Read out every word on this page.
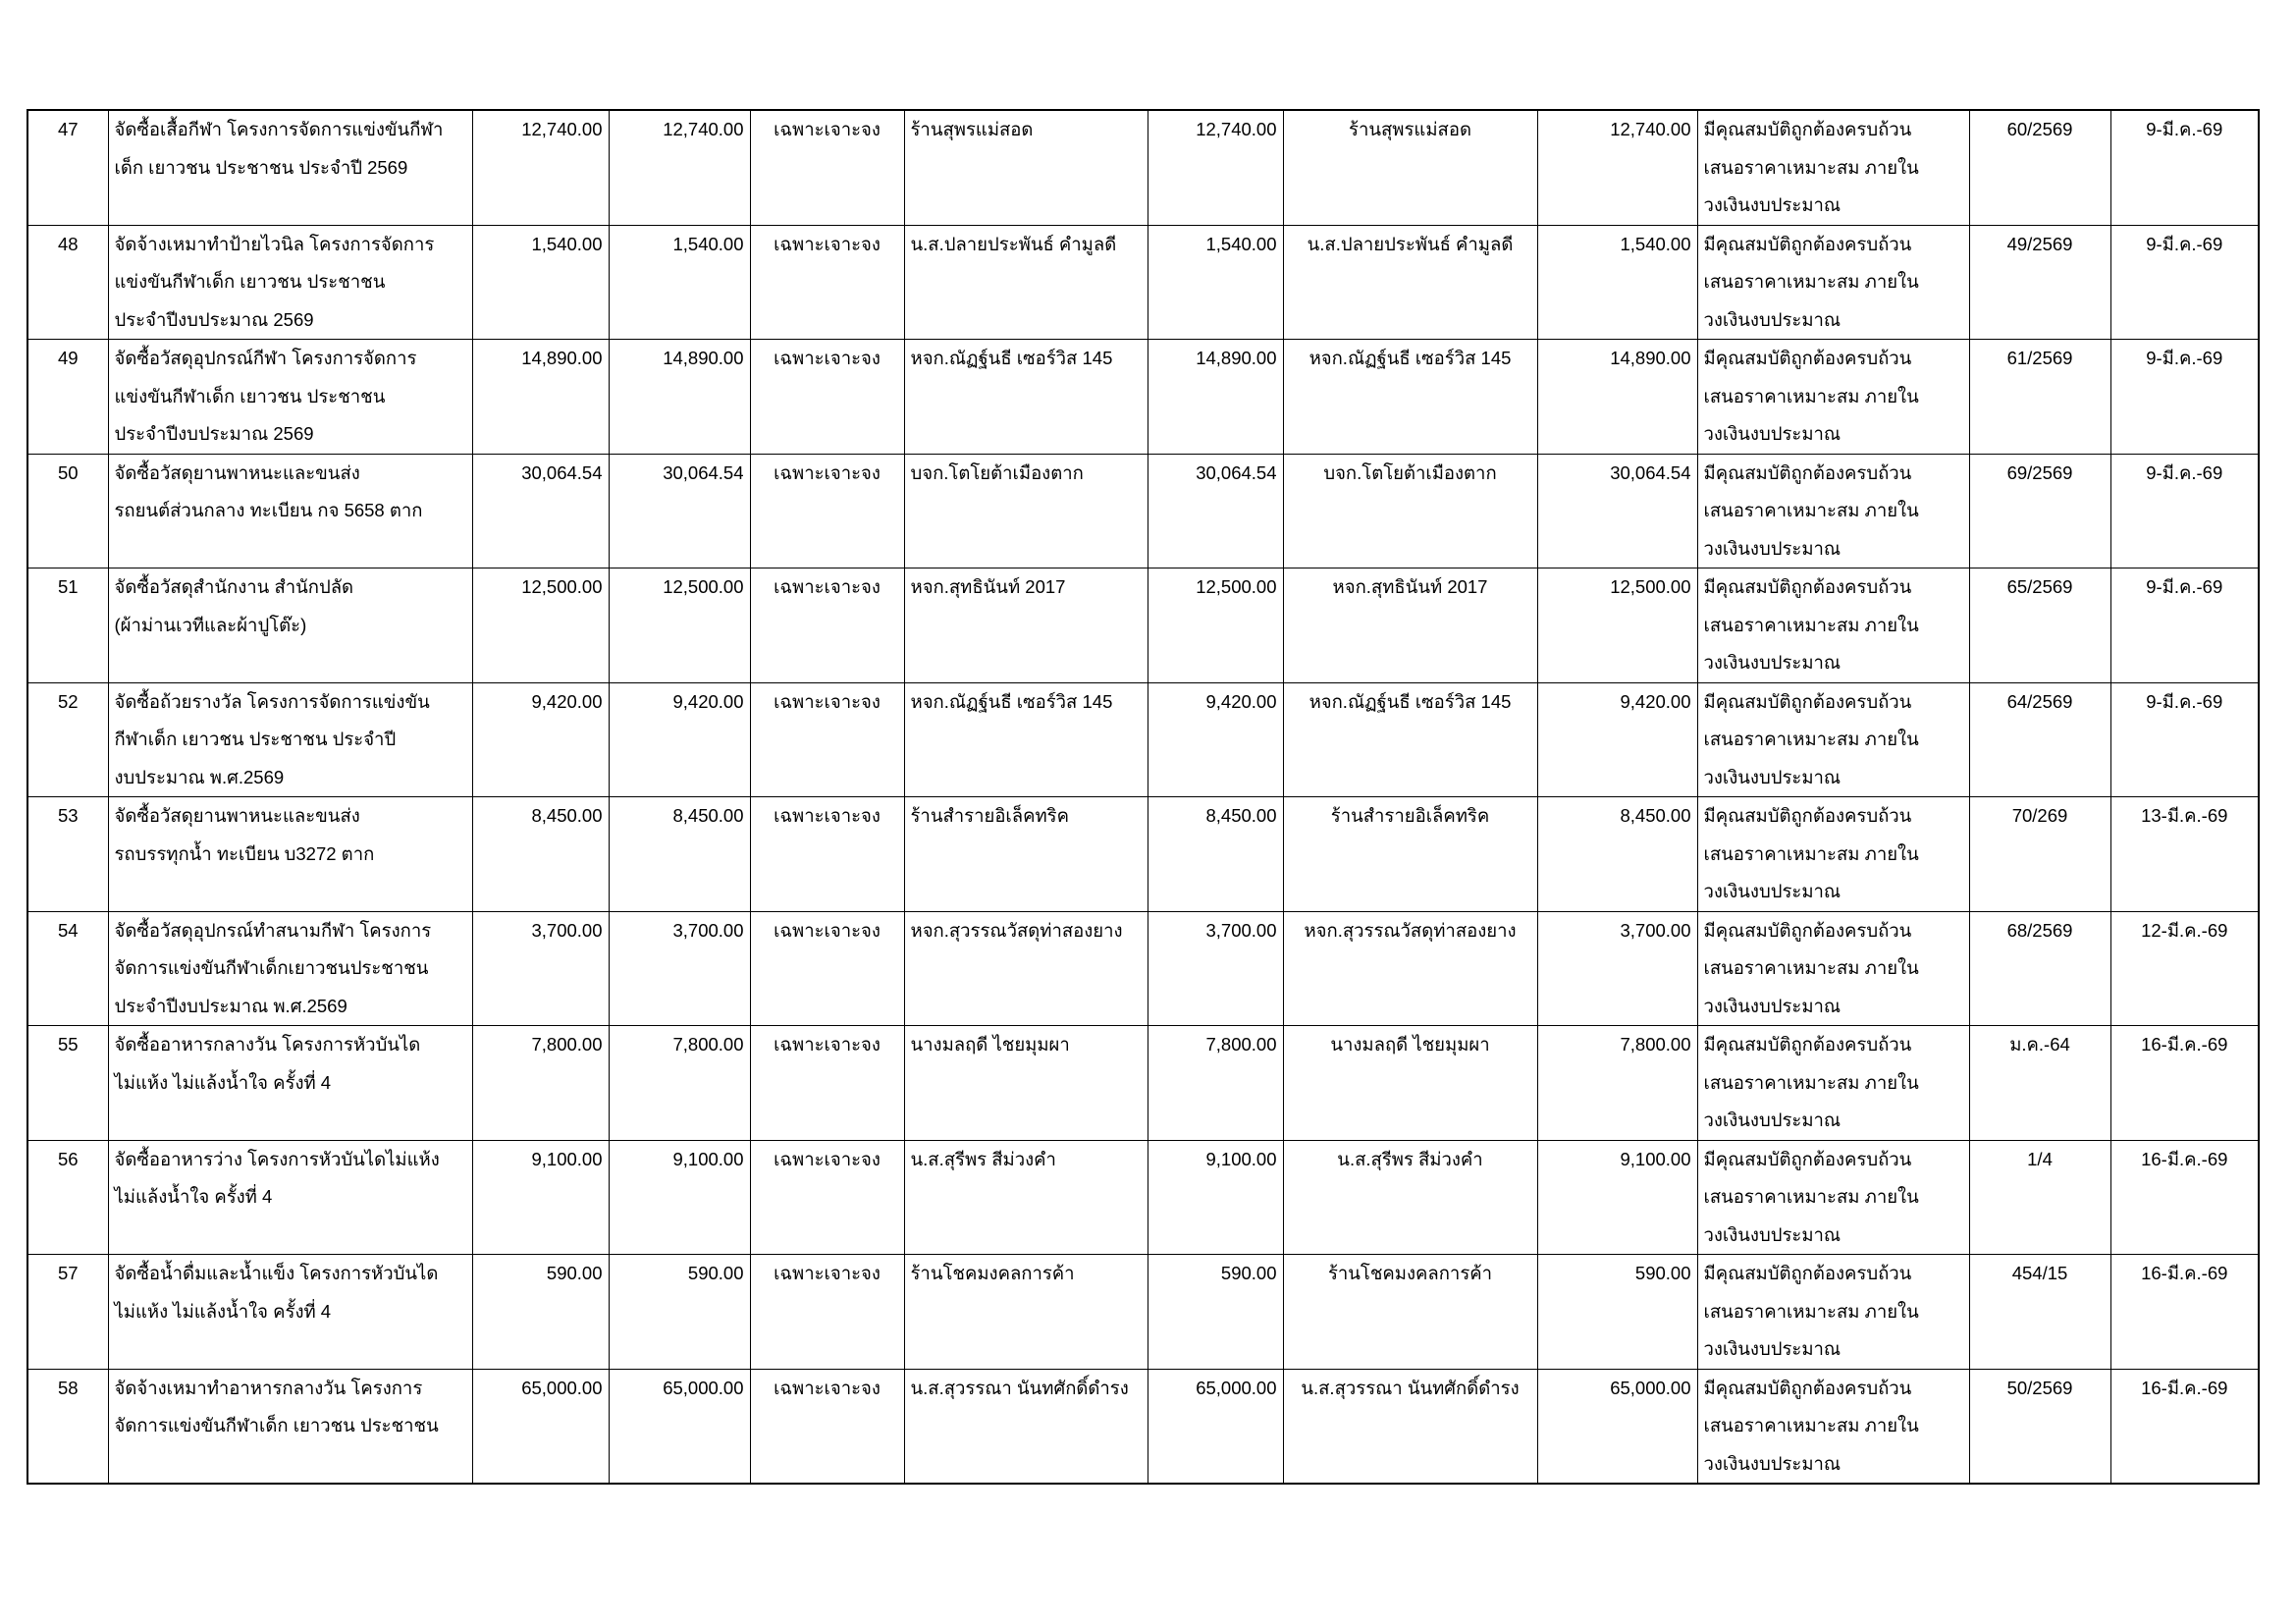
47	จัดซื้อเสื้อกีฬา โครงการจัดการแข่งขันกีฬา	12,740.00	12,740.00	เฉพาะเจาะจง	ร้านสุพรแม่สอด	12,740.00	ร้านสุพรแม่สอด	12,740.00	มีคุณสมบัติถูกต้องครบถ้วน	60/2569	9-มี.ค.-69
	เด็ก เยาวชน ประชาชน ประจำปี 2569								เสนอราคาเหมาะสม ภายใน		
									วงเงินงบประมาณ		
48	จัดจ้างเหมาทำป้ายไวนิล โครงการจัดการ	1,540.00	1,540.00	เฉพาะเจาะจง	น.ส.ปลายประพันธ์ คำมูลดี	1,540.00	น.ส.ปลายประพันธ์ คำมูลดี	1,540.00	มีคุณสมบัติถูกต้องครบถ้วน	49/2569	9-มี.ค.-69
	แข่งขันกีฬาเด็ก เยาวชน ประชาชน								เสนอราคาเหมาะสม ภายใน		
	ประจำปีงบประมาณ 2569								วงเงินงบประมาณ		
49	จัดซื้อวัสดุอุปกรณ์กีฬา โครงการจัดการ	14,890.00	14,890.00	เฉพาะเจาะจง	หจก.ณัฏฐ์นธี เซอร์วิส 145	14,890.00	หจก.ณัฏฐ์นธี เซอร์วิส 145	14,890.00	มีคุณสมบัติถูกต้องครบถ้วน	61/2569	9-มี.ค.-69
	แข่งขันกีฬาเด็ก เยาวชน ประชาชน								เสนอราคาเหมาะสม ภายใน		
	ประจำปีงบประมาณ 2569								วงเงินงบประมาณ		
50	จัดซื้อวัสดุยานพาหนะและขนส่ง	30,064.54	30,064.54	เฉพาะเจาะจง	บจก.โตโยต้าเมืองตาก	30,064.54	บจก.โตโยต้าเมืองตาก	30,064.54	มีคุณสมบัติถูกต้องครบถ้วน	69/2569	9-มี.ค.-69
	รถยนต์ส่วนกลาง ทะเบียน กจ 5658 ตาก								เสนอราคาเหมาะสม ภายใน		
									วงเงินงบประมาณ		
51	จัดซื้อวัสดุสำนักงาน สำนักปลัด	12,500.00	12,500.00	เฉพาะเจาะจง	หจก.สุทธินันท์ 2017	12,500.00	หจก.สุทธินันท์ 2017	12,500.00	มีคุณสมบัติถูกต้องครบถ้วน	65/2569	9-มี.ค.-69
	(ผ้าม่านเวทีและผ้าปูโต๊ะ)								เสนอราคาเหมาะสม ภายใน		
									วงเงินงบประมาณ		
52	จัดซื้อถ้วยรางวัล โครงการจัดการแข่งขัน	9,420.00	9,420.00	เฉพาะเจาะจง	หจก.ณัฏฐ์นธี เซอร์วิส 145	9,420.00	หจก.ณัฏฐ์นธี เซอร์วิส 145	9,420.00	มีคุณสมบัติถูกต้องครบถ้วน	64/2569	9-มี.ค.-69
	กีฬาเด็ก เยาวชน ประชาชน ประจำปี								เสนอราคาเหมาะสม ภายใน		
	งบประมาณ พ.ศ.2569								วงเงินงบประมาณ		
53	จัดซื้อวัสดุยานพาหนะและขนส่ง	8,450.00	8,450.00	เฉพาะเจาะจง	ร้านสำรายอิเล็คทริค	8,450.00	ร้านสำรายอิเล็คทริค	8,450.00	มีคุณสมบัติถูกต้องครบถ้วน	70/269	13-มี.ค.-69
	รถบรรทุกน้ำ ทะเบียน บ3272 ตาก								เสนอราคาเหมาะสม ภายใน		
									วงเงินงบประมาณ		
54	จัดซื้อวัสดุอุปกรณ์ทำสนามกีฬา โครงการ	3,700.00	3,700.00	เฉพาะเจาะจง	หจก.สุวรรณวัสดุท่าสองยาง	3,700.00	หจก.สุวรรณวัสดุท่าสองยาง	3,700.00	มีคุณสมบัติถูกต้องครบถ้วน	68/2569	12-มี.ค.-69
	จัดการแข่งขันกีฬาเด็กเยาวชนประชาชน								เสนอราคาเหมาะสม ภายใน		
	ประจำปีงบประมาณ พ.ศ.2569								วงเงินงบประมาณ		
55	จัดซื้ออาหารกลางวัน โครงการหัวบันได	7,800.00	7,800.00	เฉพาะเจาะจง	นางมลฤดี ไชยมุมผา	7,800.00	นางมลฤดี ไชยมุมผา	7,800.00	มีคุณสมบัติถูกต้องครบถ้วน	ม.ค.-64	16-มี.ค.-69
	ไม่แห้ง ไม่แล้งน้ำใจ ครั้งที่ 4								เสนอราคาเหมาะสม ภายใน		
									วงเงินงบประมาณ		
56	จัดซื้ออาหารว่าง โครงการหัวบันไดไม่แห้ง	9,100.00	9,100.00	เฉพาะเจาะจง	น.ส.สุรีพร สีม่วงคำ	9,100.00	น.ส.สุรีพร สีม่วงคำ	9,100.00	มีคุณสมบัติถูกต้องครบถ้วน	1/4	16-มี.ค.-69
	ไม่แล้งน้ำใจ ครั้งที่ 4								เสนอราคาเหมาะสม ภายใน		
									วงเงินงบประมาณ		
57	จัดซื้อน้ำดื่มและน้ำแข็ง โครงการหัวบันได	590.00	590.00	เฉพาะเจาะจง	ร้านโชคมงคลการค้า	590.00	ร้านโชคมงคลการค้า	590.00	มีคุณสมบัติถูกต้องครบถ้วน	454/15	16-มี.ค.-69
	ไม่แห้ง ไม่แล้งน้ำใจ ครั้งที่ 4								เสนอราคาเหมาะสม ภายใน		
									วงเงินงบประมาณ		
58	จัดจ้างเหมาทำอาหารกลางวัน โครงการ	65,000.00	65,000.00	เฉพาะเจาะจง	น.ส.สุวรรณา นันทศักดิ์ดำรง	65,000.00	น.ส.สุวรรณา นันทศักดิ์ดำรง	65,000.00	มีคุณสมบัติถูกต้องครบถ้วน	50/2569	16-มี.ค.-69
	จัดการแข่งขันกีฬาเด็ก เยาวชน ประชาชน								เสนอราคาเหมาะสม ภายใน		
									วงเงินงบประมาณ		
